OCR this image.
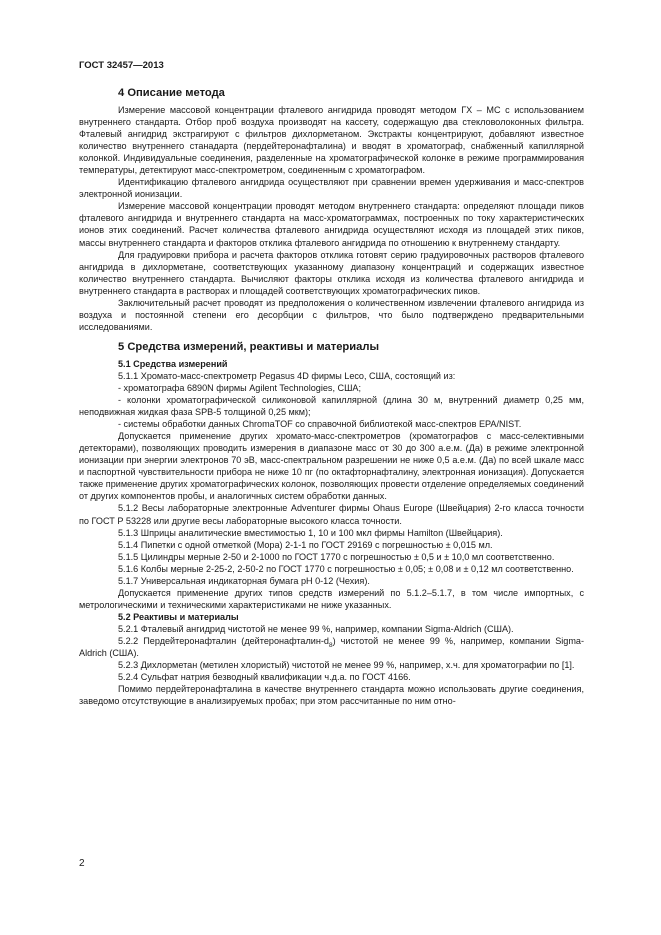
ГОСТ 32457—2013
4 Описание метода

Измерение массовой концентрации фталевого ангидрида проводят методом ГХ – МС с использованием внутреннего стандарта. Отбор проб воздуха производят на кассету, содержащую два стекловолоконных фильтра. Фталевый ангидрид экстрагируют с фильтров дихлорметаном. Экстракты концентрируют, добавляют известное количество внутреннего станадарта (пердейтеронафталина) и вводят в хроматограф, снабженный капиллярной колонкой. Индивидуальные соединения, разделенные на хроматографической колонке в режиме программирования температуры, детектируют масс-спектрометром, соединенным с хроматографом.

Идентификацию фталевого ангидрида осуществляют при сравнении времен удерживания и масс-спектров электронной ионизации.

Измерение массовой концентрации проводят методом внутреннего стандарта: определяют площади пиков фталевого ангидрида и внутреннего стандарта на масс-хроматограммах, построенных по току характеристических ионов этих соединений. Расчет количества фталевого ангидрида осуществляют исходя из площадей этих пиков, массы внутреннего стандарта и факторов отклика фталевого ангидрида по отношению к внутреннему стандарту.

Для градуировки прибора и расчета факторов отклика готовят серию градуировочных растворов фталевого ангидрида в дихлорметане, соответствующих указанному диапазону концентраций и содержащих известное количество внутреннего стандарта. Вычисляют факторы отклика исходя из количества фталевого ангидрида и внутреннего стандарта в растворах и площадей соответствующих хроматографических пиков.

Заключительный расчет проводят из предположения о количественном извлечении фталевого ангидрида из воздуха и постоянной степени его десорбции с фильтров, что было подтверждено предварительными исследованиями.

5 Средства измерений, реактивы и материалы
5.1 Средства измерений

5.1.1 Хромато-масс-спектрометр Pegasus 4D фирмы Leco, США, состоящий из:

- хроматографа 6890N фирмы Agilent Technologies, США;

- колонки хроматографической силиконовой капиллярной (длина 30 м, внутренний диаметр 0,25 мм, неподвижная жидкая фаза SPB-5 толщиной 0,25 мкм);

- системы обработки данных ChromaTOF со справочной библиотекой масс-спектров EPA/NIST.

Допускается применение других хромато-масс-спектрометров (хроматографов с масс-селективными детекторами), позволяющих проводить измерения в диапазоне масс от 30 до 300 а.е.м. (Да) в режиме электронной ионизации при энергии электронов 70 эВ, масс-спектральном разрешении не ниже 0,5 а.е.м. (Да) по всей шкале масс и паспортной чувствительности прибора не ниже 10 пг (по октафторнафталину, электронная ионизация). Допускается также применение других хроматографических колонок, позволяющих провести отделение определяемых соединений от других компонентов пробы, и аналогичных систем обработки данных.

5.1.2 Весы лабораторные электронные Adventurer фирмы Ohaus Europe (Швейцария) 2-го класса точности по ГОСТ Р 53228 или другие весы лабораторные высокого класса точности.

5.1.3 Шприцы аналитические вместимостью 1, 10 и 100 мкл фирмы Hamilton (Швейцария).

5.1.4 Пипетки с одной отметкой (Мора) 2-1-1 по ГОСТ 29169 с погрешностью ± 0,015 мл.

5.1.5 Цилиндры мерные 2-50 и 2-1000 по ГОСТ 1770 с погрешностью ± 0,5 и ± 10,0 мл соответственно.

5.1.6 Колбы мерные 2-25-2, 2-50-2 по ГОСТ 1770 с погрешностью ± 0,05; ± 0,08 и ± 0,12 мл соответственно.

5.1.7 Универсальная индикаторная бумага рН 0-12 (Чехия).

Допускается применение других типов средств измерений по 5.1.2–5.1.7, в том числе импортных, с метрологическими и техническими характеристиками не ниже указанных.

5.2 Реактивы и материалы

5.2.1 Фталевый ангидрид чистотой не менее 99 %, например, компании Sigma-Aldrich (США).

5.2.2 Пердейтеронафталин $(дейтеронафталин-d_8)$ чистотой не менее 99 %, например, компании Sigma-Aldrich (США).

5.2.3 Дихлорметан (метилен хлористый) чистотой не менее 99 %, например, х.ч. для хроматографии по [1].

5.2.4 Сульфат натрия безводный квалификации ч.д.а. по ГОСТ 4166.

Помимо пердейтеронафталина в качестве внутреннего стандарта можно использовать другие соединения, заведомо отсутствующие в анализируемых пробах; при этом рассчитанные по ним отно-

2
